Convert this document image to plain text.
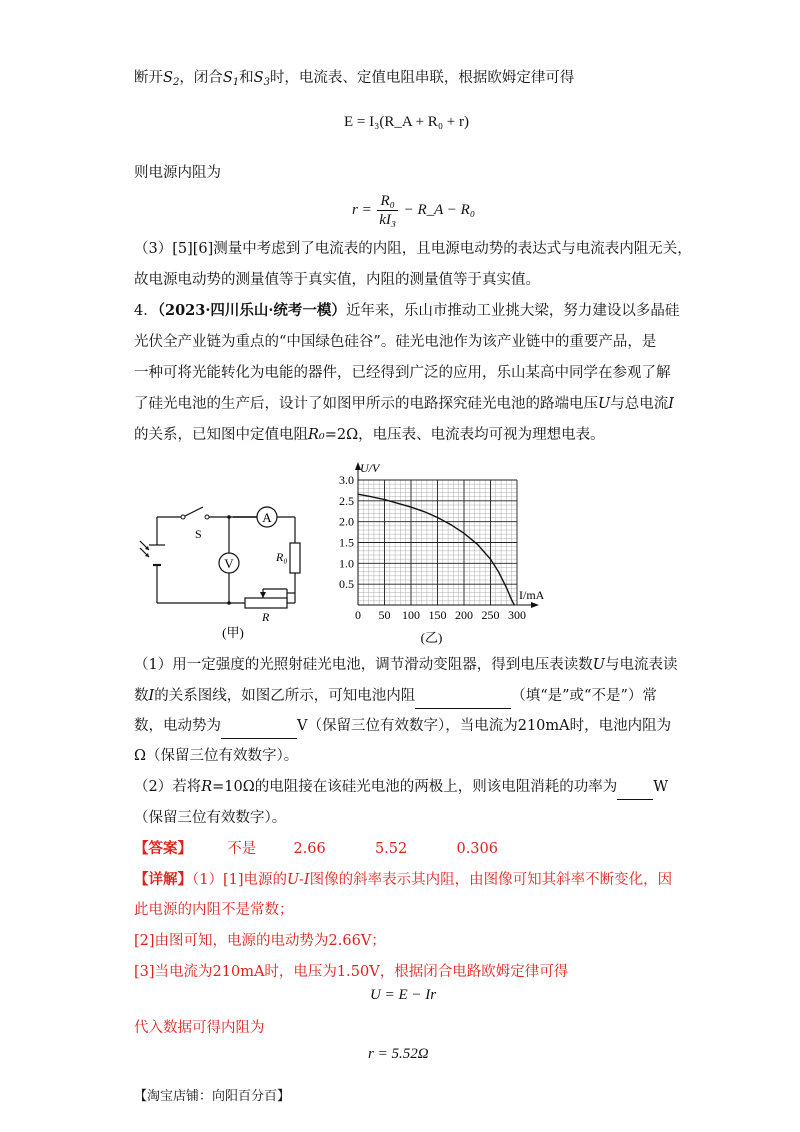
断开$S_2$，闭合$S_1$和$S_3$时，电流表、定值电阻串联，根据欧姆定律可得
E = I₃(R_A + R₀ + r)
则电源内阻为
$r = \frac{\text{R₀}}{\text{kI₃}}$ − R_A − R₀
（3）[5][6]测量中考虑到了电流表的内阻，且电源电动势的表达式与电流表内阻无关，
故电源电动势的测量值等于真实值，内阻的测量值等于真实值。
4．（2023·四川乐山·统考一模）近年来，乐山市推动工业挑大梁，努力建设以多晶硅
光伏全产业链为重点的“中国绿色硅谷”。硅光电池作为该产业链中的重要产品，是
一种可将光能转化为电能的器件，已经得到广泛的应用，乐山某高中同学在参观了解
了硅光电池的生产后，设计了如图甲所示的电路探究硅光电池的路端电压U与总电流I
的关系，已知图中定值电阻R₀=2Ω，电压表、电流表均可视为理想电表。
A
V	R₀
R
S
(甲)
0 50 100 150 200 250 300
0.5
1.0
1.5
2.0
2.5
3.0
U/V
I/mA
(乙)
（1）用一定强度的光照射硅光电池，调节滑动变阻器，得到电压表读数U与电流表读
数I的关系图线，如图乙所示，可知电池内阻	（填“是”或“不是”）常
数，电动势为	V（保留三位有效数字），当电流为210mA时，电池内阻为
Ω（保留三位有效数字）。
（2）若将R=10Ω的电阻接在该硅光电池的两极上，则该电阻消耗的功率为 W
（保留三位有效数字）。
【答案】 不是	2.66	5.52	0.306
【详解】（1）[1]电源的U-I图像的斜率表示其内阻，由图像可知其斜率不断变化，因
此电源的内阻不是常数；
[2]由图可知，电源的电动势为2.66V；
[3]当电流为210mA时，电压为1.50V，根据闭合电路欧姆定律可得
U = E − Ir
代入数据可得内阻为
r = 5.52Ω
【淘宝店铺：向阳百分百】
